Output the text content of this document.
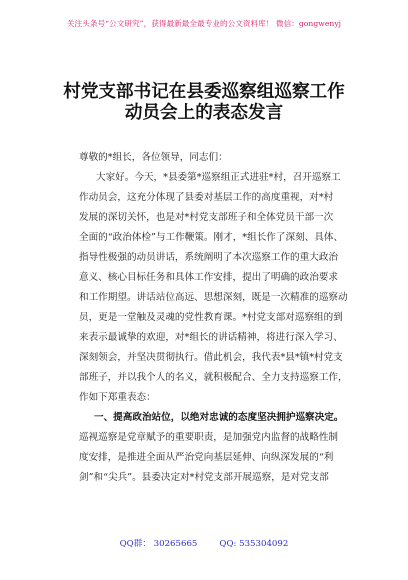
关注头条号“公文研究”，获得最新最全最专业的公文资料库！ 微信：gongwenyj
村党支部书记在县委巡察组巡察工作
动员会上的表态发言

尊敬的*组长，各位领导，同志们：

大家好。今天，*县委第*巡察组正式进驻*村，召开巡察工

作动员会，这充分体现了县委对基层工作的高度重视，对*村

发展的深切关怀，也是对*村党支部班子和全体党员干部一次

全面的“政治体检”与工作鞭策。刚才，*组长作了深刻、具体、

指导性极强的动员讲话，系统阐明了本次巡察工作的重大政治

意义、核心目标任务和具体工作安排，提出了明确的政治要求

和工作期望。讲话站位高远、思想深刻，既是一次精准的巡察动

员，更是一堂触及灵魂的党性教育课。*村党支部对巡察组的到

来表示最诚挚的欢迎，对*组长的讲话精神，将进行深入学习、

深刻领会，并坚决贯彻执行。借此机会，我代表*县*镇*村党支

部班子，并以我个人的名义，就积极配合、全力支持巡察工作，

作如下郑重表态：

一、提高政治站位，以绝对忠诚的态度坚决拥护巡察决定。

巡视巡察是党章赋予的重要职责，是加强党内监督的战略性制

度安排，是推进全面从严治党向基层延伸、向纵深发展的“利

剑”和“尖兵”。县委决定对*村党支部开展巡察，是对党支部

QQ群： 30265665	QQ: 535304092
